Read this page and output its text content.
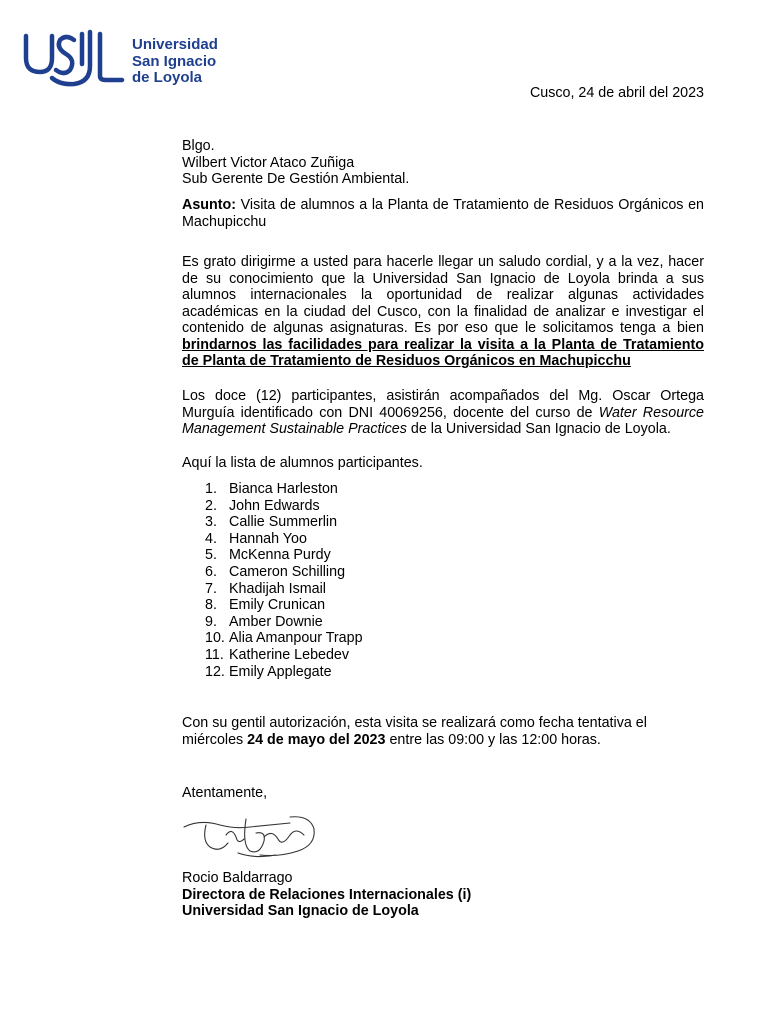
Universidad
San Ignacio
de Loyola
Cusco, 24 de abril del 2023
Blgo.
Wilbert Victor Ataco Zuñiga
Sub Gerente De Gestión Ambiental.
Asunto: Visita de alumnos a la Planta de Tratamiento de Residuos Orgánicos en Machupicchu
Es grato dirigirme a usted para hacerle llegar un saludo cordial, y a la vez, hacer de su conocimiento que la Universidad San Ignacio de Loyola brinda a sus alumnos internacionales la oportunidad de realizar algunas actividades académicas en la ciudad del Cusco, con la finalidad de analizar e investigar el contenido de algunas asignaturas. Es por eso que le solicitamos tenga a bien brindarnos las facilidades para realizar la visita a la Planta de Tratamiento de Planta de Tratamiento de Residuos Orgánicos en Machupicchu
Los doce (12) participantes, asistirán acompañados del Mg. Oscar Ortega Murguía identificado con DNI 40069256, docente del curso de Water Resource Management Sustainable Practices de la Universidad San Ignacio de Loyola.
Aquí la lista de alumnos participantes.
1. Bianca Harleston
2. John Edwards
3. Callie Summerlin
4. Hannah Yoo
5. McKenna Purdy
6. Cameron Schilling
7. Khadijah Ismail
8. Emily Crunican
9. Amber Downie
10. Alia Amanpour Trapp
11. Katherine Lebedev
12. Emily Applegate
Con su gentil autorización, esta visita se realizará como fecha tentativa el miércoles 24 de mayo del 2023 entre las 09:00 y las 12:00 horas.
Atentamente,
Rocio Baldarrago
Directora de Relaciones Internacionales (i)
Universidad San Ignacio de Loyola
